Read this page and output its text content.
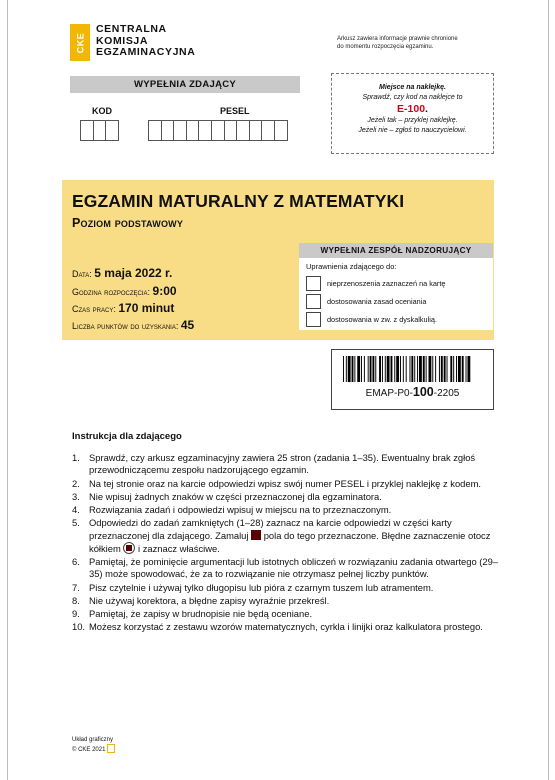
CKE
CENTRALNA
KOMISJA
EGZAMINACYJNA
Arkusz zawiera informacje prawnie chronione
do momentu rozpoczęcia egzaminu.
WYPEŁNIA ZDAJĄCY
KOD	PESEL
Miejsce na naklejkę.
Sprawdź, czy kod na naklejce to
E-100.
Jeżeli tak – przyklej naklejkę.
Jeżeli nie – zgłoś to nauczycielowi.
EGZAMIN MATURALNY Z MATEMATYKI
Poziom podstawowy
Data: 5 maja 2022 r.
Godzina rozpoczęcia: 9:00
Czas pracy: 170 minut
Liczba punktów do uzyskania: 45
WYPEŁNIA ZESPÓŁ NADZORUJĄCY
Uprawnienia zdającego do:
nieprzenoszenia zaznaczeń na kartę
dostosowania zasad oceniania
dostosowania w zw. z dyskalkulią.
EMAP-P0-100-2205
Instrukcja dla zdającego
1. Sprawdź, czy arkusz egzaminacyjny zawiera 25 stron (zadania 1–35). Ewentualny brak zgłoś przewodniczącemu zespołu nadzorującego egzamin.
2. Na tej stronie oraz na karcie odpowiedzi wpisz swój numer PESEL i przyklej naklejkę z kodem.
3. Nie wpisuj żadnych znaków w części przeznaczonej dla egzaminatora.
4. Rozwiązania zadań i odpowiedzi wpisuj w miejscu na to przeznaczonym.
5. Odpowiedzi do zadań zamkniętych (1–28) zaznacz na karcie odpowiedzi w części karty przeznaczonej dla zdającego. Zamaluj pola do tego przeznaczone. Błędne zaznaczenie otocz kółkiem i zaznacz właściwe.
6. Pamiętaj, że pominięcie argumentacji lub istotnych obliczeń w rozwiązaniu zadania otwartego (29–35) może spowodować, że za to rozwiązanie nie otrzymasz pełnej liczby punktów.
7. Pisz czytelnie i używaj tylko długopisu lub pióra z czarnym tuszem lub atramentem.
8. Nie używaj korektora, a błędne zapisy wyraźnie przekreśl.
9. Pamiętaj, że zapisy w brudnopisie nie będą oceniane.
10. Możesz korzystać z zestawu wzorów matematycznych, cyrkla i linijki oraz kalkulatora prostego.
Układ graficzny
© CKE 2021
